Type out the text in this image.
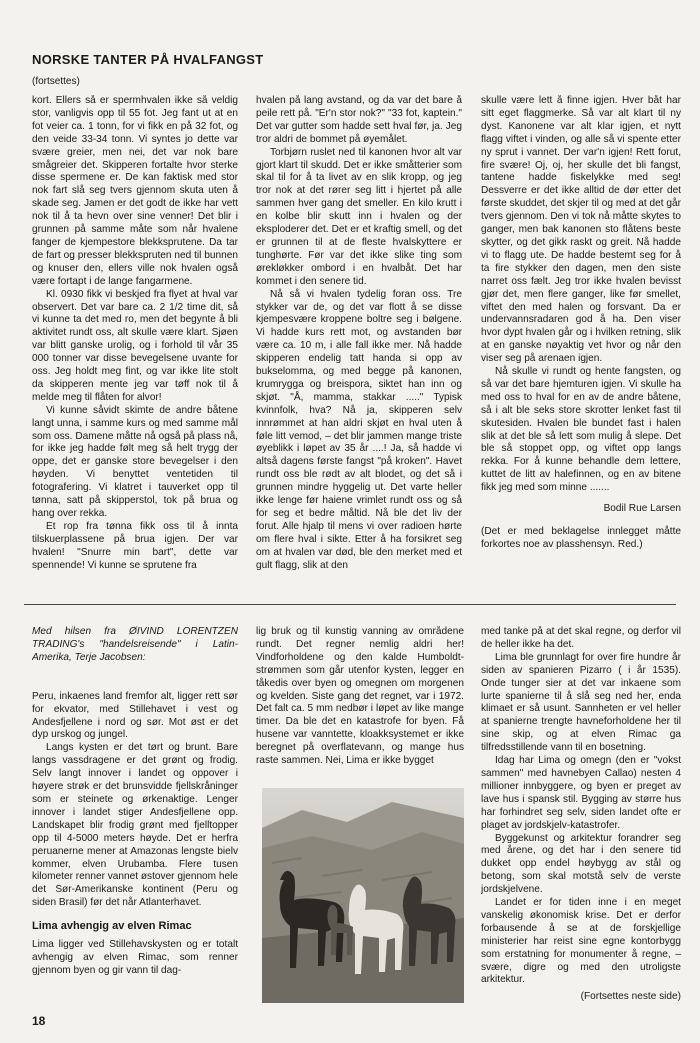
NORSKE TANTER PÅ HVALFANGST
(fortsettes)

kort. Ellers så er spermhvalen ikke så veldig stor, vanligvis opp til 55 fot. Jeg fant ut at en fot veier ca. 1 tonn, for vi fikk en på 32 fot, og den veide 33-34 tonn. Vi syntes jo dette var svære greier, men nei, det var nok bare smågreier det. Skipperen fortalte hvor sterke disse spermene er. De kan faktisk med stor nok fart slå seg tvers gjennom skuta uten å skade seg. Jamen er det godt de ikke har vett nok til å ta hevn over sine venner! Det blir i grunnen på samme måte som når hvalene fanger de kjempestore blekksprutene. Da tar de fart og presser blekkspruten ned til bunnen og knuser den, ellers ville nok hvalen også være fortapt i de lange fangarmene.

Kl. 0930 fikk vi beskjed fra flyet at hval var observert. Det var bare ca. 2 1/2 time dit, så vi kunne ta det med ro, men det begynte å bli aktivitet rundt oss, alt skulle være klart. Sjøen var blitt ganske urolig, og i forhold til vår 35 000 tonner var disse bevegelsene uvante for oss. Jeg holdt meg fint, og var ikke lite stolt da skipperen mente jeg var tøff nok til å melde meg til flåten for alvor!

Vi kunne såvidt skimte de andre båtene langt unna, i samme kurs og med samme mål som oss. Damene måtte nå også på plass nå, for ikke jeg hadde følt meg så helt trygg der oppe, det er ganske store bevegelser i den høyden. Vi benyttet ventetiden til fotografering. Vi klatret i tauverket opp til tønna, satt på skipperstol, tok på brua og hang over rekka.

Et rop fra tønna fikk oss til å innta tilskuerplassene på brua igjen. Der var hvalen! "Snurre min bart", dette var spennende! Vi kunne se sprutene fra

hvalen på lang avstand, og da var det bare å peile rett på. "Er'n stor nok?" "33 fot, kaptein." Det var gutter som hadde sett hval før, ja. Jeg tror aldri de bommet på øyemålet.

Torbjørn ruslet ned til kanonen hvor alt var gjort klart til skudd. Det er ikke småtterier som skal til for å ta livet av en slik kropp, og jeg tror nok at det rører seg litt i hjertet på alle sammen hver gang det smeller. En kilo krutt i en kolbe blir skutt inn i hvalen og der eksploderer det. Det er et kraftig smell, og det er grunnen til at de fleste hvalskyttere er tunghørte. Før var det ikke slike ting som ørekløkker ombord i en hvalbåt. Det har kommet i den senere tid.

Nå så vi hvalen tydelig foran oss. Tre stykker var de, og det var flott å se disse kjempesvære kroppene boltre seg i bølgene. Vi hadde kurs rett mot, og avstanden bør være ca. 10 m, i alle fall ikke mer. Nå hadde skipperen endelig tatt handa si opp av bukselomma, og med begge på kanonen, krumrygga og breispora, siktet han inn og skjøt. "Å, mamma, stakkar ....." Typisk kvinnfolk, hva? Nå ja, skipperen selv innrømmet at han aldri skjøt en hval uten å føle litt vemod, – det blir jammen mange triste øyeblikk i løpet av 35 år ....! Ja, så hadde vi altså dagens første fangst "på kroken". Havet rundt oss ble rødt av alt blodet, og det så i grunnen mindre hyggelig ut. Det varte heller ikke lenge før haiene vrimlet rundt oss og så for seg et bedre måltid. Nå ble det liv der forut. Alle hjalp til mens vi over radioen hørte om flere hval i sikte. Etter å ha forsikret seg om at hvalen var død, ble den merket med et gult flagg, slik at den

skulle være lett å finne igjen. Hver båt har sitt eget flaggmerke. Så var alt klart til ny dyst. Kanonene var alt klar igjen, et nytt flagg viftet i vinden, og alle så vi spente etter ny sprut i vannet. Der var'n igjen! Rett forut, fire svære! Oj, oj, her skulle det bli fangst, tantene hadde fiskelykke med seg! Dessverre er det ikke alltid de dør etter det første skuddet, det skjer til og med at det går tvers gjennom. Den vi tok nå måtte skytes to ganger, men bak kanonen sto flåtens beste skytter, og det gikk raskt og greit. Nå hadde vi to flagg ute. De hadde bestemt seg for å ta fire stykker den dagen, men den siste narret oss fælt. Jeg tror ikke hvalen bevisst gjør det, men flere ganger, like før smellet, viftet den med halen og forsvant. Da er undervannsradaren god å ha. Den viser hvor dypt hvalen går og i hvilken retning, slik at en ganske nøyaktig vet hvor og når den viser seg på arenaen igjen.

Nå skulle vi rundt og hente fangsten, og så var det bare hjemturen igjen. Vi skulle ha med oss to hval for en av de andre båtene, så i alt ble seks store skrotter lenket fast til skutesiden. Hvalen ble bundet fast i halen slik at det ble så lett som mulig å slepe. Det ble så stoppet opp, og viftet opp langs rekka. For å kunne behandle dem lettere, kuttet de litt av halefinnen, og en av bitene fikk jeg med som minne .......

Bodil Rue Larsen

(Det er med beklagelse innlegget måtte forkortes noe av plasshensyn. Red.)

Med hilsen fra ØIVIND LORENTZEN TRADING's "handelsreisende" i Latin-Amerika, Terje Jacobsen:

Peru, inkaenes land fremfor alt, ligger rett sør for ekvator, med Stillehavet i vest og Andesfjellene i nord og sør. Mot øst er det dyp urskog og jungel.

Langs kysten er det tørt og brunt. Bare langs vassdragene er det grønt og frodig. Selv langt innover i landet og oppover i høyere strøk er det brunsvidde fjellskråninger som er steinete og ørkenaktige. Lenger innover i landet stiger Andesfjellene opp. Landskapet blir frodig grønt med fjelltopper opp til 4-5000 meters høyde. Det er herfra peruanerne mener at Amazonas lengste bielv kommer, elven Urubamba. Flere tusen kilometer renner vannet østover gjennom hele det Sør-Amerikanske kontinent (Peru og siden Brasil) før det når Atlanterhavet.

Lima avhengig av elven Rimac

Lima ligger ved Stillehavskysten og er totalt avhengig av elven Rimac, som renner gjennom byen og gir vann til dag-

lig bruk og til kunstig vanning av områdene rundt. Det regner nemlig aldri her! Vindforholdene og den kalde Humboldt-strømmen som går utenfor kysten, legger en tåkedis over byen og omegnen om morgenen og kvelden. Siste gang det regnet, var i 1972. Det falt ca. 5 mm nedbør i løpet av like mange timer. Da ble det en katastrofe for byen. Få husene var vanntette, kloakksystemet er ikke beregnet på overflatevann, og mange hus raste sammen. Nei, Lima er ikke bygget

med tanke på at det skal regne, og derfor vil de heller ikke ha det.

Lima ble grunnlagt for over fire hundre år siden av spanieren Pizarro ( i år 1535). Onde tunger sier at det var inkaene som lurte spanierne til å slå seg ned her, enda klimaet er så usunt. Sannheten er vel heller at spanierne trengte havneforholdene her til sine skip, og at elven Rimac ga tilfredsstillende vann til en bosetning.

Idag har Lima og omegn (den er "vokst sammen" med havnebyen Callao) nesten 4 millioner innbyggere, og byen er preget av lave hus i spansk stil. Bygging av større hus har forhindret seg selv, siden landet ofte er plaget av jordskjelv-katastrofer.

Byggekunst og arkitektur forandrer seg med årene, og det har i den senere tid dukket opp endel høybygg av stål og betong, som skal motstå selv de verste jordskjelvene.

Landet er for tiden inne i en meget vanskelig økonomisk krise. Det er derfor forbausende å se at de forskjellige ministerier har reist sine egne kontorbygg som erstatning for monumenter å regne, – svære, digre og med den utroligste arkitektur.

(Fortsettes neste side)

18
